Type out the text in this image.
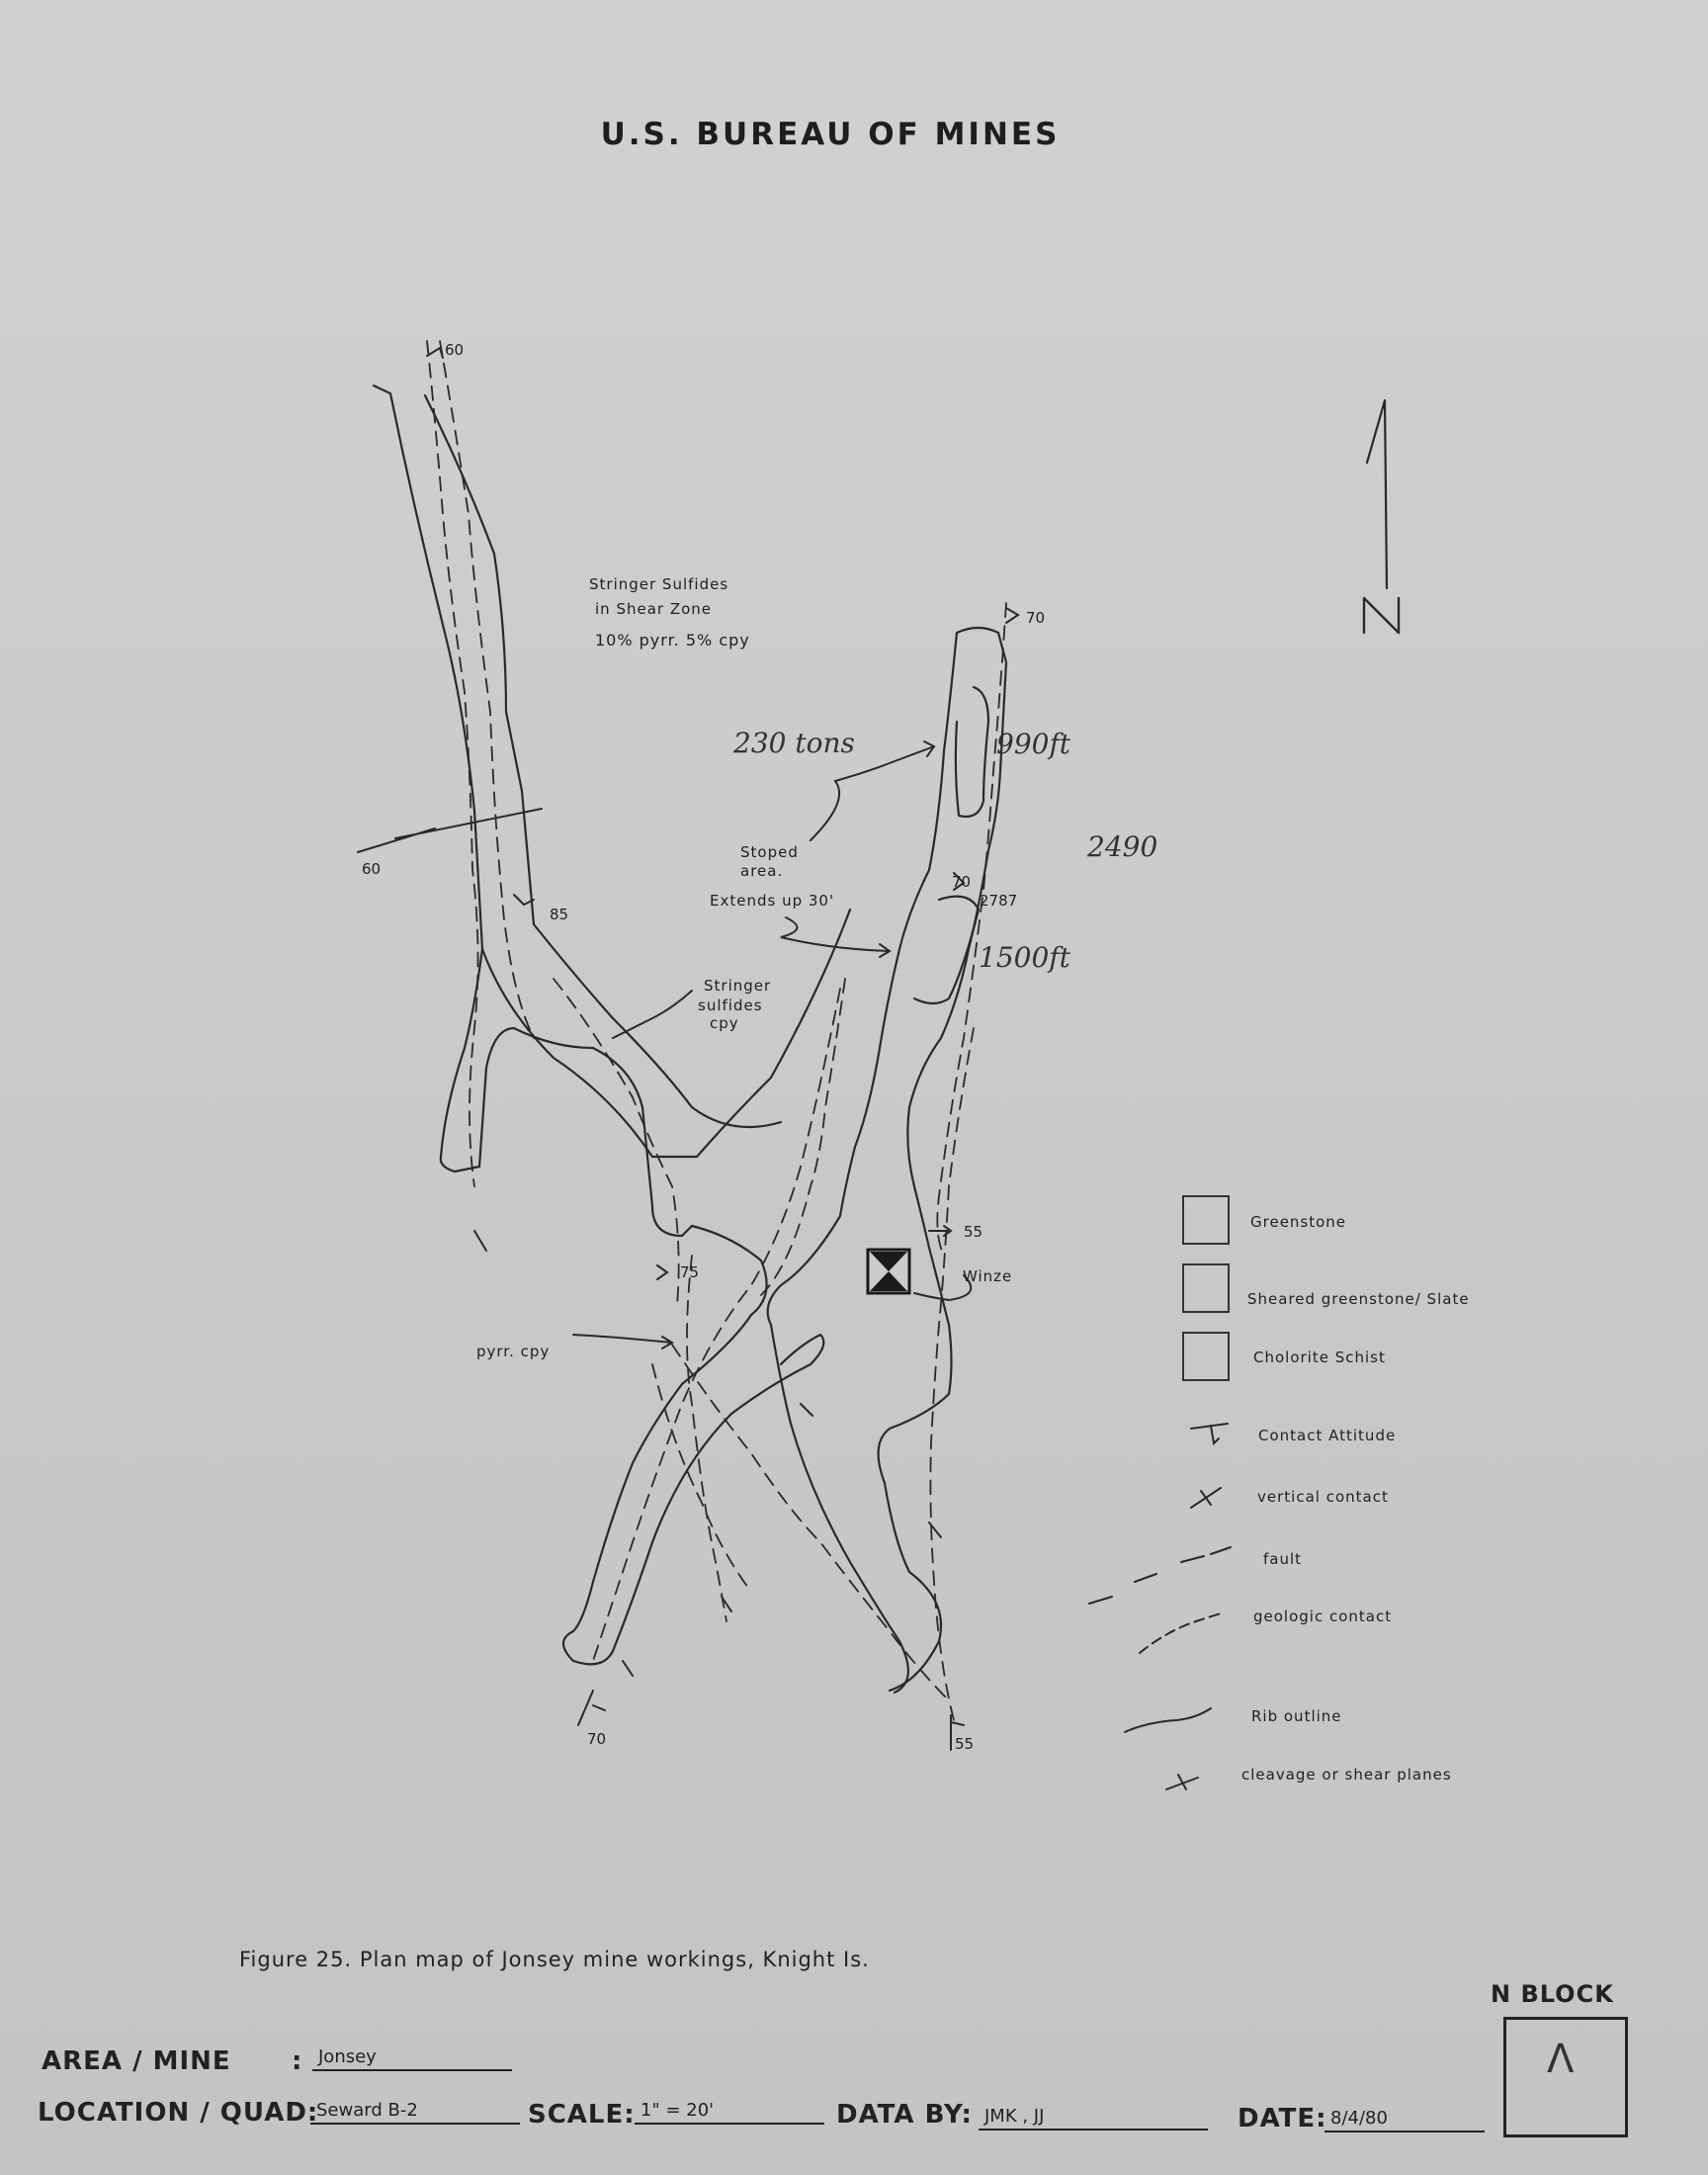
U.S. BUREAU OF MINES
60
60
85
70
70
2787
55
75
70	55
Stringer Sulfides
in Shear Zone
10% pyrr. 5% cpy
Stoped
area.
Extends up 30'
Stringer
sulfides
cpy
pyrr. cpy
Winze
230 tons	990ft
2490
1500ft
Greenstone
Sheared greenstone/ Slate
Cholorite Schist
Contact Attitude
vertical contact
fault
geologic contact
Rib outline
cleavage or shear planes
Figure 25. Plan map of Jonsey mine workings, Knight Is.
N BLOCK
Λ
AREA / MINE : Jonsey
LOCATION / QUAD:
Seward B-2	SCALE: 1" = 20'	DATA BY: JMK , JJ	DATE: 8/4/80
